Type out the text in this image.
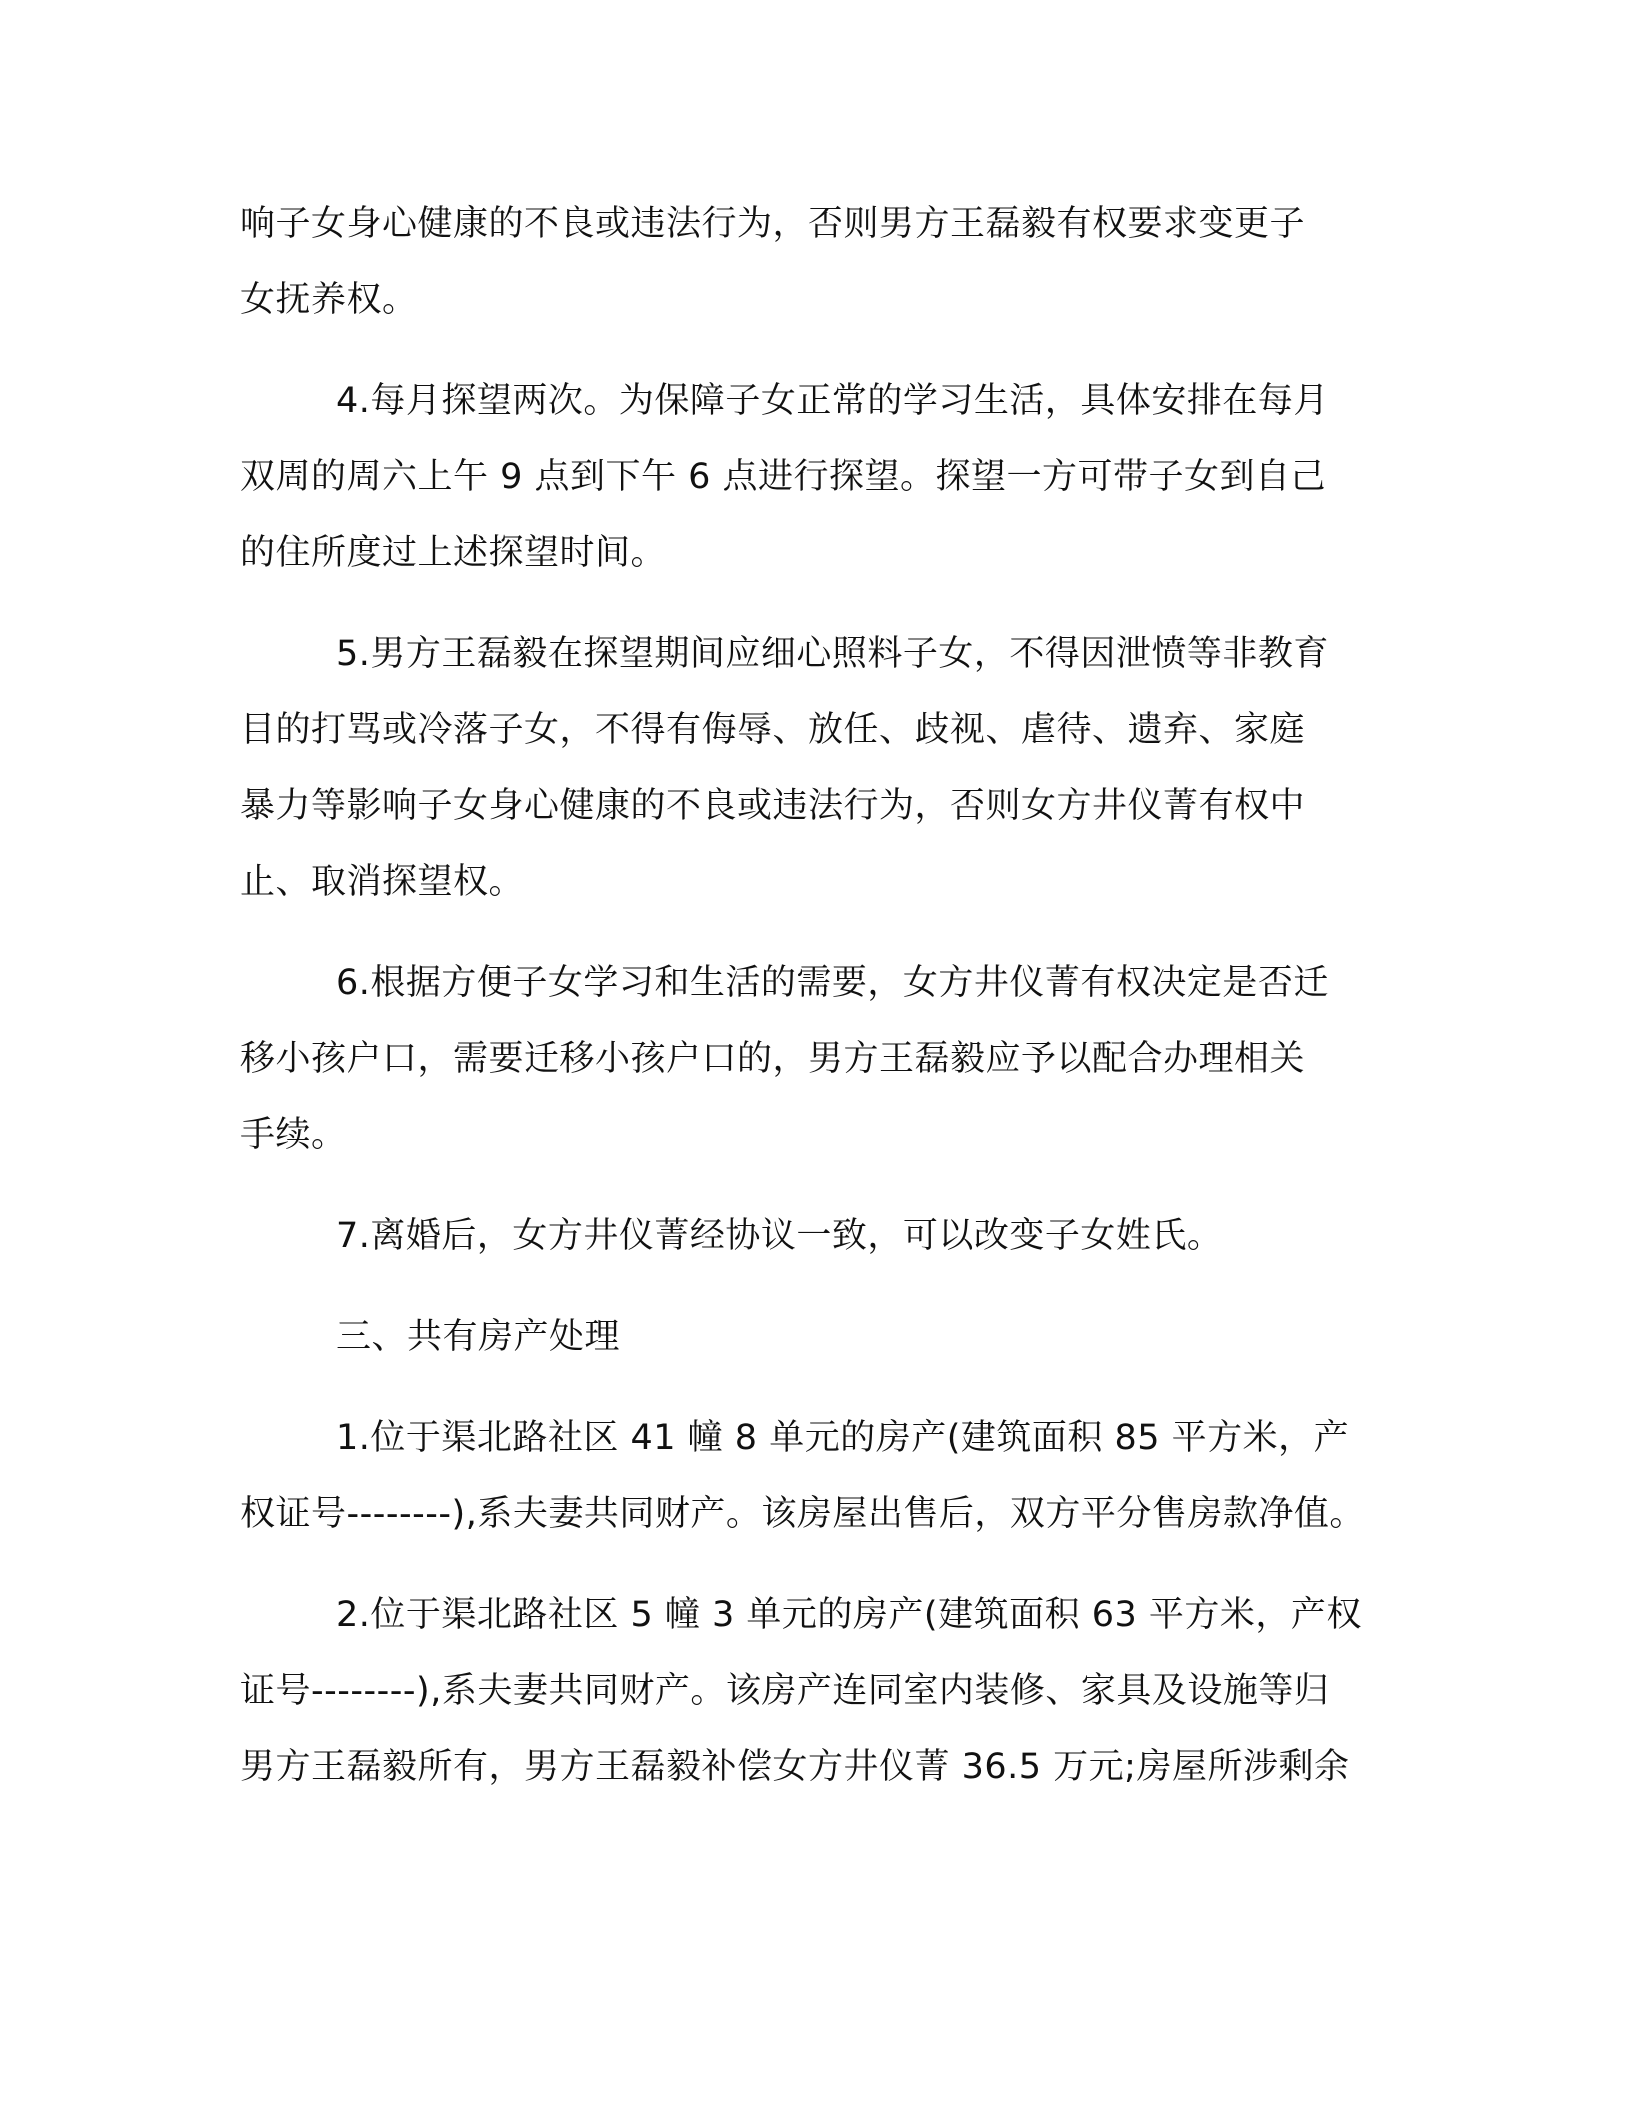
响子女身心健康的不良或违法行为，否则男方王磊毅有权要求变更子
女抚养权。
4.每月探望两次。为保障子女正常的学习生活，具体安排在每月
双周的周六上午 9 点到下午 6 点进行探望。探望一方可带子女到自己
的住所度过上述探望时间。
5.男方王磊毅在探望期间应细心照料子女，不得因泄愤等非教育
目的打骂或冷落子女，不得有侮辱、放任、歧视、虐待、遗弃、家庭
暴力等影响子女身心健康的不良或违法行为，否则女方井仪菁有权中
止、取消探望权。
6.根据方便子女学习和生活的需要，女方井仪菁有权决定是否迁
移小孩户口，需要迁移小孩户口的，男方王磊毅应予以配合办理相关
手续。
7.离婚后，女方井仪菁经协议一致，可以改变子女姓氏。
三、共有房产处理
1.位于渠北路社区 41 幢 8 单元的房产(建筑面积 85 平方米，产
权证号--------),系夫妻共同财产。该房屋出售后，双方平分售房款净值。
2.位于渠北路社区 5 幢 3 单元的房产(建筑面积 63 平方米，产权
证号--------),系夫妻共同财产。该房产连同室内装修、家具及设施等归
男方王磊毅所有，男方王磊毅补偿女方井仪菁 36.5 万元;房屋所涉剩余
